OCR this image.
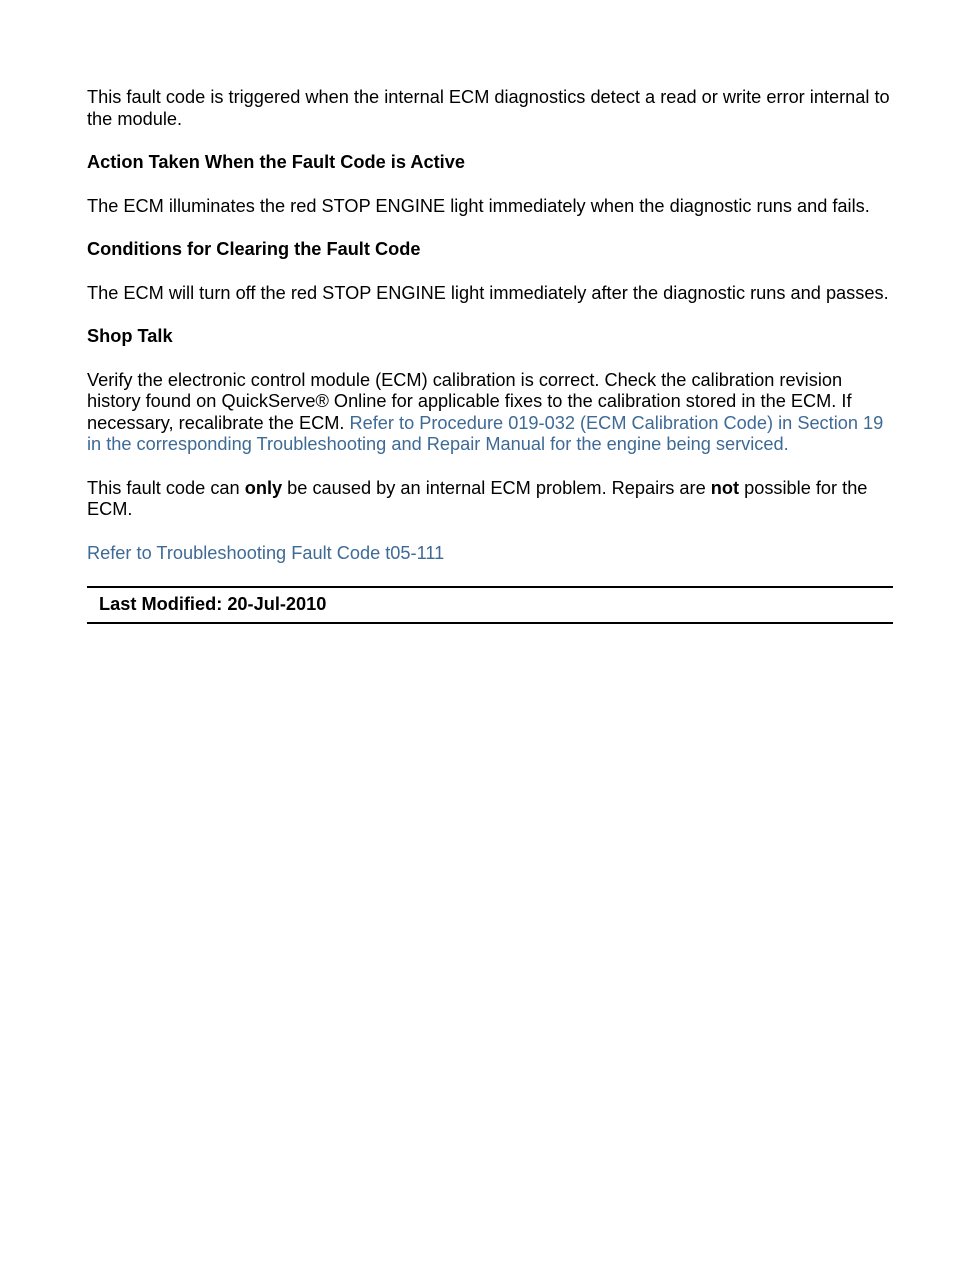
This fault code is triggered when the internal ECM diagnostics detect a read or write error internal to the module.

Action Taken When the Fault Code is Active

The ECM illuminates the red STOP ENGINE light immediately when the diagnostic runs and fails.

Conditions for Clearing the Fault Code

The ECM will turn off the red STOP ENGINE light immediately after the diagnostic runs and passes.

Shop Talk

Verify the electronic control module (ECM) calibration is correct. Check the calibration revision history found on QuickServe® Online for applicable fixes to the calibration stored in the ECM. If necessary, recalibrate the ECM. Refer to Procedure 019-032 (ECM Calibration Code) in Section 19 in the corresponding Troubleshooting and Repair Manual for the engine being serviced.

This fault code can only be caused by an internal ECM problem. Repairs are not possible for the ECM.

Refer to Troubleshooting Fault Code t05-111

Last Modified: 20-Jul-2010
